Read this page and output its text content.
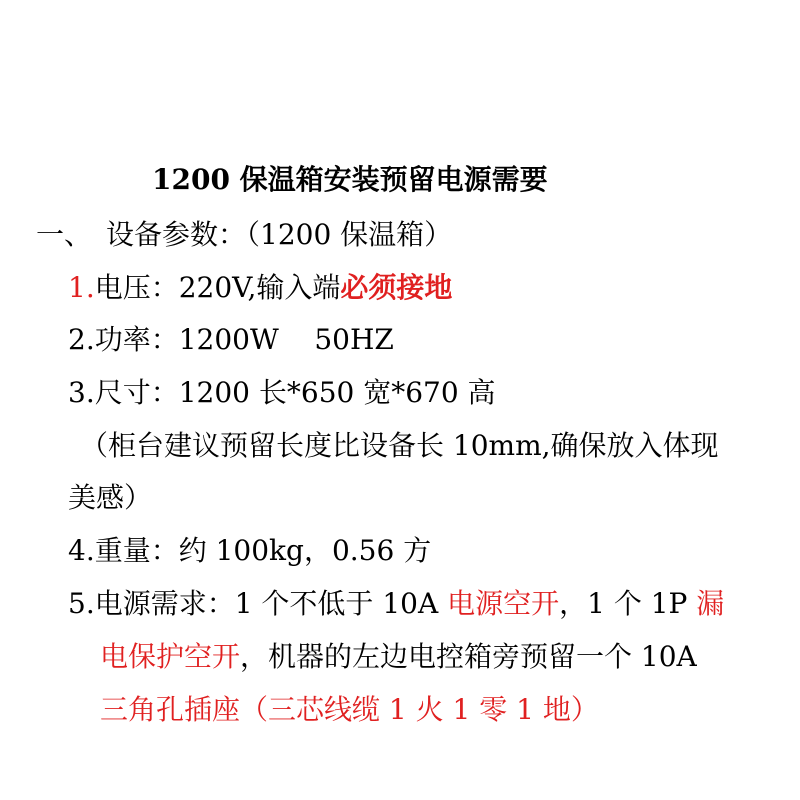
1200 保温箱安装预留电源需要
一、 设备参数：（1200 保温箱）
1.电压：220V,输入端必须接地
2.功率：1200W    50HZ
3.尺寸：1200 长*650 宽*670 高
（柜台建议预留长度比设备长 10mm,确保放入体现
美感）
4.重量：约 100kg，0.56 方
5.电源需求：1 个不低于 10A 电源空开，1 个 1P 漏
电保护空开，机器的左边电控箱旁预留一个 10A
三角孔插座（三芯线缆 1 火 1 零 1 地）
